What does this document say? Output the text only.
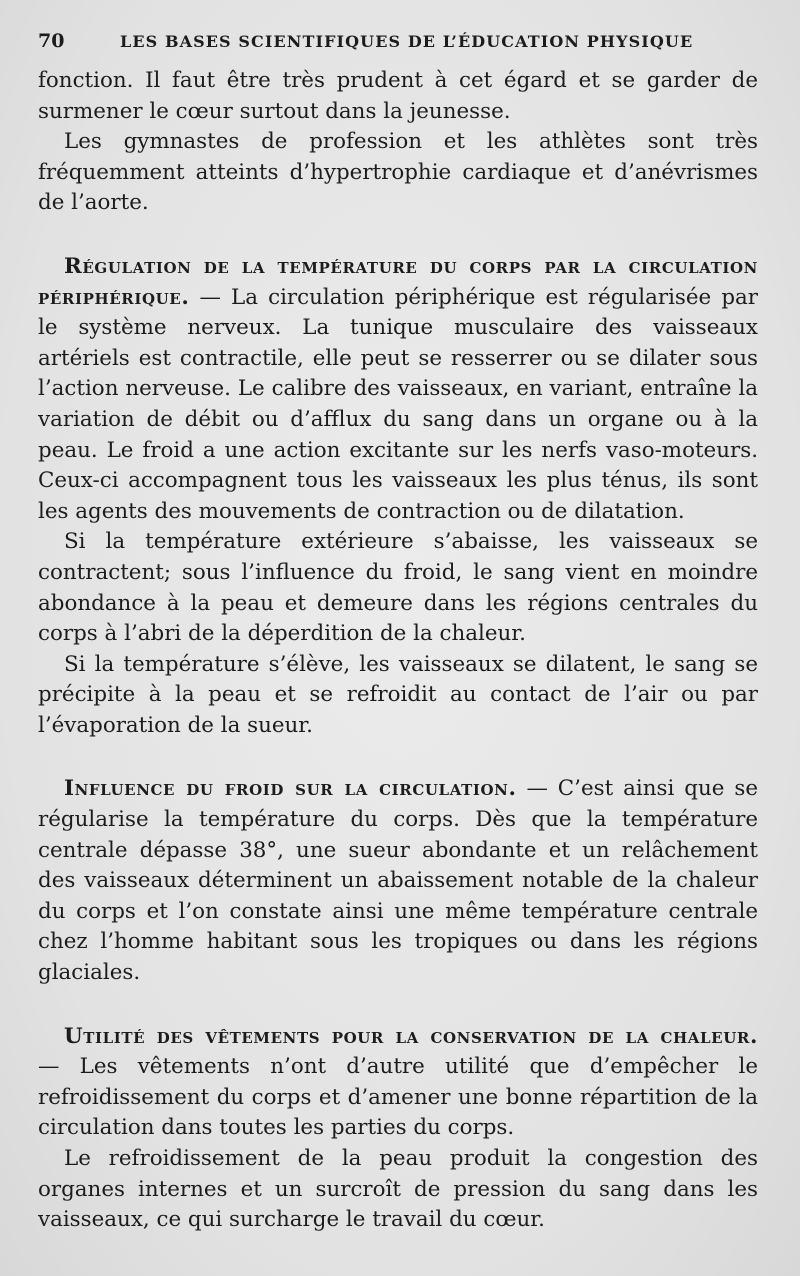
70	LES BASES SCIENTIFIQUES DE L’ÉDUCATION PHYSIQUE

fonction. Il faut être très prudent à cet égard et se garder de surmener le cœur surtout dans la jeunesse.

Les gymnastes de profession et les athlètes sont très fréquemment atteints d’hypertrophie cardiaque et d’anévrismes de l’aorte.

Régulation de la température du corps par la circulation périphérique. — La circulation périphérique est régularisée par le système nerveux. La tunique musculaire des vaisseaux artériels est contractile, elle peut se resserrer ou se dilater sous l’action nerveuse. Le calibre des vaisseaux, en variant, entraîne la variation de débit ou d’afflux du sang dans un organe ou à la peau. Le froid a une action excitante sur les nerfs vaso-moteurs. Ceux-ci accompagnent tous les vaisseaux les plus ténus, ils sont les agents des mouvements de contraction ou de dilatation.

Si la température extérieure s’abaisse, les vaisseaux se contractent; sous l’influence du froid, le sang vient en moindre abondance à la peau et demeure dans les régions centrales du corps à l’abri de la déperdition de la chaleur.

Si la température s’élève, les vaisseaux se dilatent, le sang se précipite à la peau et se refroidit au contact de l’air ou par l’évaporation de la sueur.

Influence du froid sur la circulation. — C’est ainsi que se régularise la température du corps. Dès que la température centrale dépasse 38°, une sueur abondante et un relâchement des vaisseaux déterminent un abaissement notable de la chaleur du corps et l’on constate ainsi une même température centrale chez l’homme habitant sous les tropiques ou dans les régions glaciales.

Utilité des vêtements pour la conservation de la chaleur. — Les vêtements n’ont d’autre utilité que d’empêcher le refroidissement du corps et d’amener une bonne répartition de la circulation dans toutes les parties du corps.

Le refroidissement de la peau produit la congestion des organes internes et un surcroît de pression du sang dans les vaisseaux, ce qui surcharge le travail du cœur.
